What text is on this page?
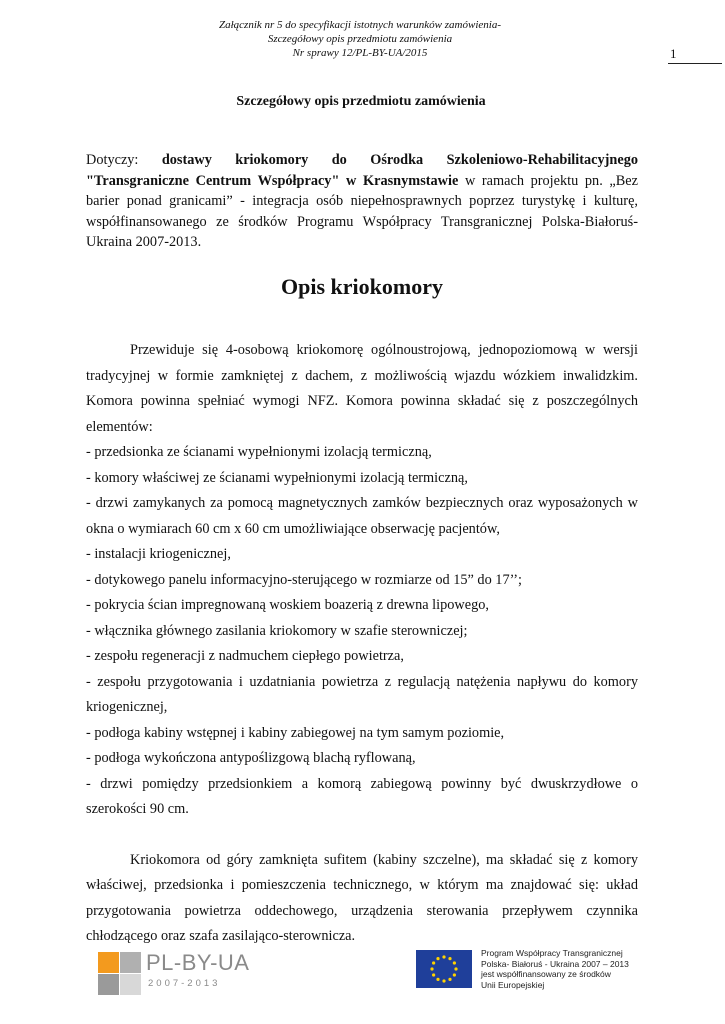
Załącznik nr 5 do specyfikacji istotnych warunków zamówienia-
Szczegółowy opis przedmiotu zamówienia
Nr sprawy 12/PL-BY-UA/2015	1
Szczegółowy opis przedmiotu zamówienia
Dotyczy: dostawy kriokomory do Ośrodka Szkoleniowo-Rehabilitacyjnego "Transgraniczne Centrum Współpracy" w Krasnymstawie w ramach projektu pn. „Bez barier ponad granicami” - integracja osób niepełnosprawnych poprzez turystykę i kulturę, współfinansowanego ze środków Programu Współpracy Transgranicznej Polska-Białoruś-Ukraina 2007-2013.
Opis kriokomory

Przewiduje się 4-osobową kriokomorę ogólnoustrojową, jednopoziomową w wersji tradycyjnej w formie zamkniętej z dachem, z możliwością wjazdu wózkiem inwalidzkim. Komora powinna spełniać wymogi NFZ. Komora powinna składać się z poszczególnych elementów:

- przedsionka ze ścianami wypełnionymi izolacją termiczną,

- komory właściwej ze ścianami wypełnionymi izolacją termiczną,

- drzwi zamykanych za pomocą magnetycznych zamków bezpiecznych oraz wyposażonych w okna o wymiarach 60 cm x 60 cm umożliwiające obserwację pacjentów,

- instalacji kriogenicznej,

- dotykowego panelu informacyjno-sterującego w rozmiarze od 15” do 17’’;

- pokrycia ścian impregnowaną woskiem boazerią z drewna lipowego,

- włącznika głównego zasilania kriokomory w szafie sterowniczej;

- zespołu regeneracji z nadmuchem ciepłego powietrza,

- zespołu przygotowania i uzdatniania powietrza z regulacją natężenia napływu do komory kriogenicznej,

- podłoga kabiny wstępnej i kabiny zabiegowej na tym samym poziomie,

- podłoga wykończona antypoślizgową blachą ryflowaną,

- drzwi pomiędzy przedsionkiem a komorą zabiegową powinny być dwuskrzydłowe o szerokości 90 cm.

Kriokomora od góry zamknięta sufitem (kabiny szczelne), ma składać się z komory właściwej, przedsionka i pomieszczenia technicznego, w którym ma znajdować się: układ przygotowania powietrza oddechowego, urządzenia sterowania przepływem czynnika chłodzącego oraz szafa zasilająco-sterownicza.

PL-BY-UA
2007-2013
Program Współpracy Transgranicznej
Polska- Białoruś - Ukraina 2007 – 2013
jest współfinansowany ze środków
Unii Europejskiej
